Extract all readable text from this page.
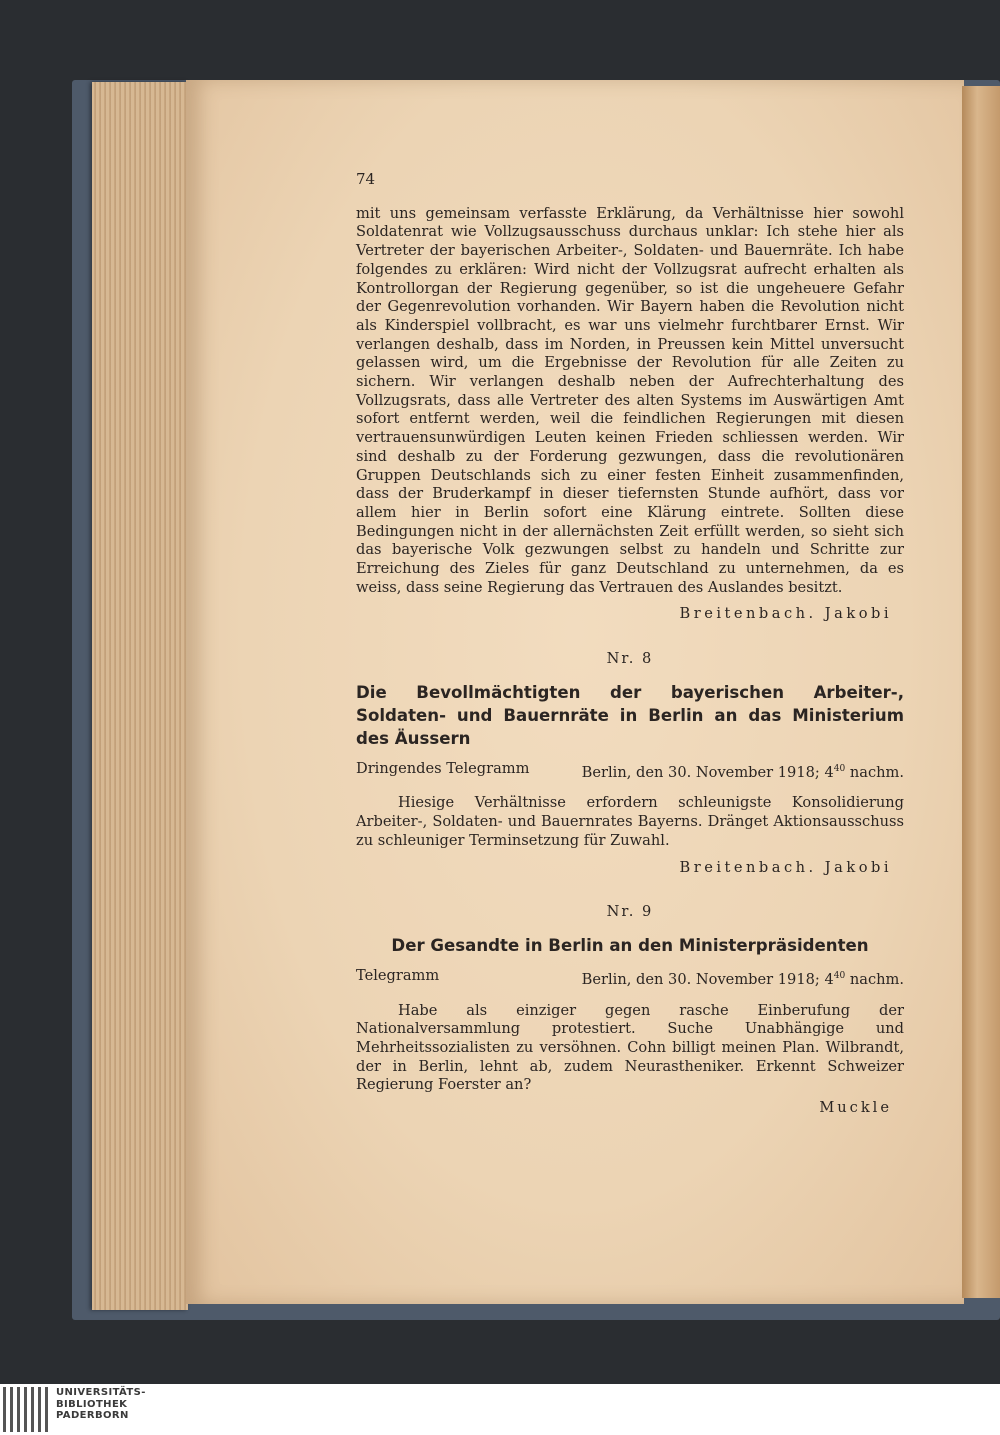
74

mit uns gemeinsam verfasste Erklärung, da Verhältnisse hier sowohl Soldatenrat wie Vollzugsausschuss durchaus unklar: Ich stehe hier als Vertreter der bayerischen Arbeiter-, Soldaten- und Bauernräte. Ich habe folgendes zu erklären: Wird nicht der Vollzugsrat aufrecht erhalten als Kontrollorgan der Regierung gegenüber, so ist die ungeheuere Gefahr der Gegenrevolution vorhanden. Wir Bayern haben die Revolution nicht als Kinderspiel vollbracht, es war uns vielmehr furchtbarer Ernst. Wir verlangen deshalb, dass im Norden, in Preussen kein Mittel unversucht gelassen wird, um die Ergebnisse der Revolution für alle Zeiten zu sichern. Wir verlangen deshalb neben der Aufrechterhaltung des Vollzugsrats, dass alle Vertreter des alten Systems im Auswärtigen Amt sofort entfernt werden, weil die feindlichen Regierungen mit diesen vertrauensunwürdigen Leuten keinen Frieden schliessen werden. Wir sind deshalb zu der Forderung gezwungen, dass die revolutionären Gruppen Deutschlands sich zu einer festen Einheit zusammenfinden, dass der Bruderkampf in dieser tiefernsten Stunde aufhört, dass vor allem hier in Berlin sofort eine Klärung eintrete. Sollten diese Bedingungen nicht in der allernächsten Zeit erfüllt werden, so sieht sich das bayerische Volk gezwungen selbst zu handeln und Schritte zur Erreichung des Zieles für ganz Deutschland zu unternehmen, da es weiss, dass seine Regierung das Vertrauen des Auslandes besitzt.

Breitenbach. Jakobi
Nr. 8
Die Bevollmächtigten der bayerischen Arbeiter-, Soldaten- und Bauernräte in Berlin an das Ministerium des Äussern
Dringendes Telegramm	Berlin, den 30. November 1918; $4^{40}$ nachm.

Hiesige Verhältnisse erfordern schleunigste Konsolidierung Arbeiter-, Soldaten- und Bauernrates Bayerns. Dränget Aktionsausschuss zu schleuniger Terminsetzung für Zuwahl.

Breitenbach. Jakobi
Nr. 9
Der Gesandte in Berlin an den Ministerpräsidenten
Telegramm	Berlin, den 30. November 1918; $4^{40}$ nachm.

Habe als einziger gegen rasche Einberufung der Nationalversammlung protestiert. Suche Unabhängige und Mehrheitssozialisten zu versöhnen. Cohn billigt meinen Plan. Wilbrandt, der in Berlin, lehnt ab, zudem Neurastheniker. Erkennt Schweizer Regierung Foerster an?

Muckle
UNIVERSITÄTS-
BIBLIOTHEK
PADERBORN
